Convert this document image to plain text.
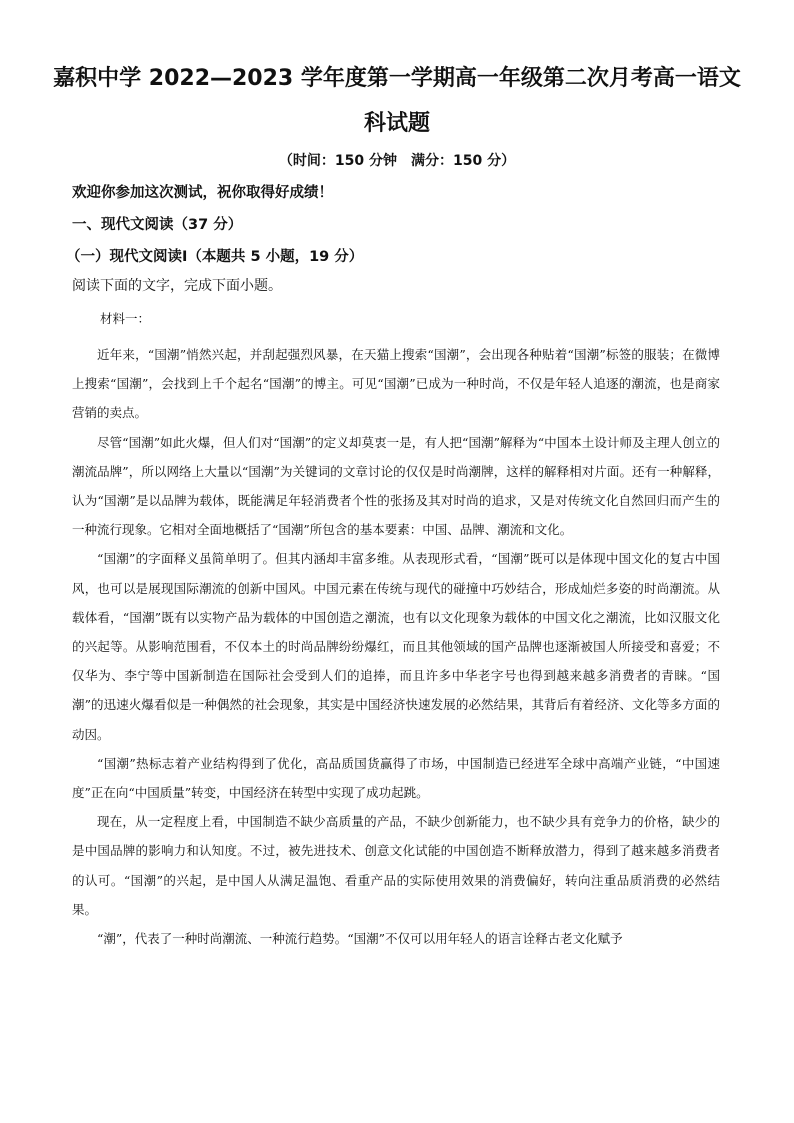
嘉积中学 2022—2023 学年度第一学期高一年级第二次月考高一语文
科试题
（时间：150 分钟　满分：150 分）
欢迎你参加这次测试，祝你取得好成绩！
一、现代文阅读（37 分）
（一）现代文阅读Ⅰ（本题共 5 小题，19 分）
阅读下面的文字，完成下面小题。
材料一：

近年来，“国潮”悄然兴起，并刮起强烈风暴，在天猫上搜索“国潮”，会出现各种贴着“国潮”标签的服装；在微博上搜索“国潮”，会找到上千个起名“国潮”的博主。可见“国潮”已成为一种时尚，不仅是年轻人追逐的潮流，也是商家营销的卖点。

尽管“国潮”如此火爆，但人们对“国潮”的定义却莫衷一是，有人把“国潮”解释为“中国本土设计师及主理人创立的潮流品牌”，所以网络上大量以“国潮”为关键词的文章讨论的仅仅是时尚潮牌，这样的解释相对片面。还有一种解释，认为“国潮”是以品牌为载体，既能满足年轻消费者个性的张扬及其对时尚的追求，又是对传统文化自然回归而产生的一种流行现象。它相对全面地概括了“国潮”所包含的基本要素：中国、品牌、潮流和文化。

“国潮”的字面释义虽简单明了。但其内涵却丰富多维。从表现形式看，“国潮”既可以是体现中国文化的复古中国风，也可以是展现国际潮流的创新中国风。中国元素在传统与现代的碰撞中巧妙结合，形成灿烂多姿的时尚潮流。从载体看，“国潮”既有以实物产品为载体的中国创造之潮流，也有以文化现象为载体的中国文化之潮流，比如汉服文化的兴起等。从影响范围看，不仅本土的时尚品牌纷纷爆红，而且其他领域的国产品牌也逐渐被国人所接受和喜爱；不仅华为、李宁等中国新制造在国际社会受到人们的追捧，而且许多中华老字号也得到越来越多消费者的青睐。“国潮”的迅速火爆看似是一种偶然的社会现象，其实是中国经济快速发展的必然结果，其背后有着经济、文化等多方面的动因。

“国潮”热标志着产业结构得到了优化，高品质国货赢得了市场，中国制造已经进军全球中高端产业链，“中国速度”正在向“中国质量”转变，中国经济在转型中实现了成功起跳。

现在，从一定程度上看，中国制造不缺少高质量的产品，不缺少创新能力，也不缺少具有竞争力的价格，缺少的是中国品牌的影响力和认知度。不过，被先进技术、创意文化试能的中国创造不断释放潜力，得到了越来越多消费者的认可。“国潮”的兴起，是中国人从满足温饱、看重产品的实际使用效果的消费偏好，转向注重品质消费的必然结果。

“潮”，代表了一种时尚潮流、一种流行趋势。“国潮”不仅可以用年轻人的语言诠释古老文化赋予
